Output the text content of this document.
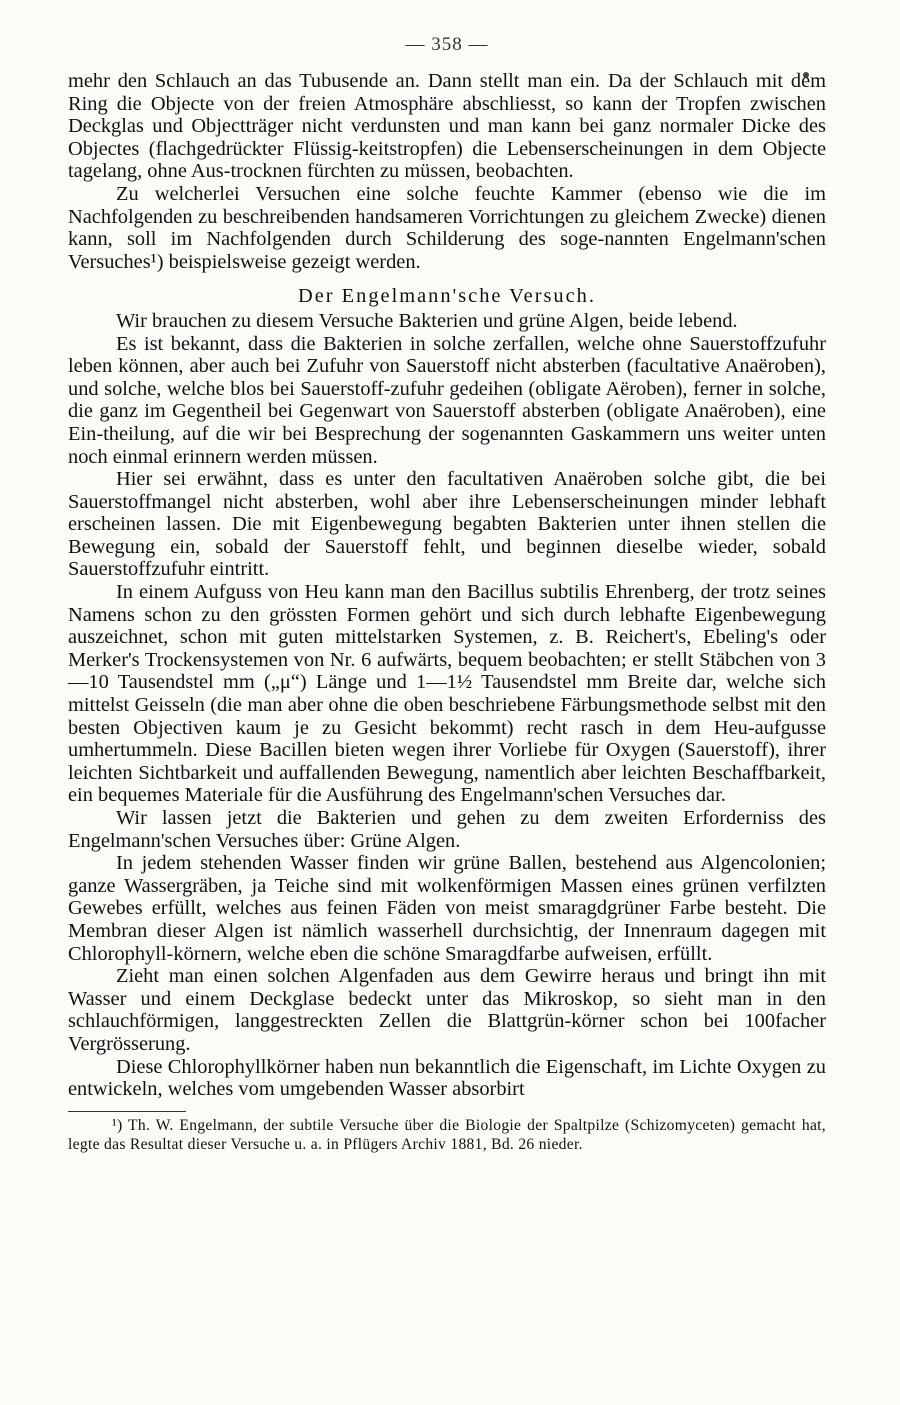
— 358 —

mehr den Schlauch an das Tubusende an. Dann stellt man ein. Da der Schlauch mit dem Ring die Objecte von der freien Atmosphäre abschliesst, so kann der Tropfen zwischen Deckglas und Objectträger nicht verdunsten und man kann bei ganz normaler Dicke des Objectes (flachgedrückter Flüssig-keitstropfen) die Lebenserscheinungen in dem Objecte tagelang, ohne Aus-trocknen fürchten zu müssen, beobachten.

Zu welcherlei Versuchen eine solche feuchte Kammer (ebenso wie die im Nachfolgenden zu beschreibenden handsameren Vorrichtungen zu gleichem Zwecke) dienen kann, soll im Nachfolgenden durch Schilderung des soge-nannten Engelmann'schen Versuches¹) beispielsweise gezeigt werden.

Der Engelmann'sche Versuch.

Wir brauchen zu diesem Versuche Bakterien und grüne Algen, beide lebend.

Es ist bekannt, dass die Bakterien in solche zerfallen, welche ohne Sauerstoffzufuhr leben können, aber auch bei Zufuhr von Sauerstoff nicht absterben (facultative Anaëroben), und solche, welche blos bei Sauerstoff-zufuhr gedeihen (obligate Aëroben), ferner in solche, die ganz im Gegentheil bei Gegenwart von Sauerstoff absterben (obligate Anaëroben), eine Ein-theilung, auf die wir bei Besprechung der sogenannten Gaskammern uns weiter unten noch einmal erinnern werden müssen.

Hier sei erwähnt, dass es unter den facultativen Anaëroben solche gibt, die bei Sauerstoffmangel nicht absterben, wohl aber ihre Lebenserscheinungen minder lebhaft erscheinen lassen. Die mit Eigenbewegung begabten Bakterien unter ihnen stellen die Bewegung ein, sobald der Sauerstoff fehlt, und beginnen dieselbe wieder, sobald Sauerstoffzufuhr eintritt.

In einem Aufguss von Heu kann man den Bacillus subtilis Ehrenberg, der trotz seines Namens schon zu den grössten Formen gehört und sich durch lebhafte Eigenbewegung auszeichnet, schon mit guten mittelstarken Systemen, z. B. Reichert's, Ebeling's oder Merker's Trockensystemen von Nr. 6 aufwärts, bequem beobachten; er stellt Stäbchen von 3—10 Tausendstel mm („μ“) Länge und 1—1½ Tausendstel mm Breite dar, welche sich mittelst Geisseln (die man aber ohne die oben beschriebene Färbungsmethode selbst mit den besten Objectiven kaum je zu Gesicht bekommt) recht rasch in dem Heu-aufgusse umhertummeln. Diese Bacillen bieten wegen ihrer Vorliebe für Oxygen (Sauerstoff), ihrer leichten Sichtbarkeit und auffallenden Bewegung, namentlich aber leichten Beschaffbarkeit, ein bequemes Materiale für die Ausführung des Engelmann'schen Versuches dar.

Wir lassen jetzt die Bakterien und gehen zu dem zweiten Erforderniss des Engelmann'schen Versuches über: Grüne Algen.

In jedem stehenden Wasser finden wir grüne Ballen, bestehend aus Algencolonien; ganze Wassergräben, ja Teiche sind mit wolkenförmigen Massen eines grünen verfilzten Gewebes erfüllt, welches aus feinen Fäden von meist smaragdgrüner Farbe besteht. Die Membran dieser Algen ist nämlich wasserhell durchsichtig, der Innenraum dagegen mit Chlorophyll-körnern, welche eben die schöne Smaragdfarbe aufweisen, erfüllt.

Zieht man einen solchen Algenfaden aus dem Gewirre heraus und bringt ihn mit Wasser und einem Deckglase bedeckt unter das Mikroskop, so sieht man in den schlauchförmigen, langgestreckten Zellen die Blattgrün-körner schon bei 100facher Vergrösserung.

Diese Chlorophyllkörner haben nun bekanntlich die Eigenschaft, im Lichte Oxygen zu entwickeln, welches vom umgebenden Wasser absorbirt

¹) Th. W. Engelmann, der subtile Versuche über die Biologie der Spaltpilze (Schizomyceten) gemacht hat, legte das Resultat dieser Versuche u. a. in Pflügers Archiv 1881, Bd. 26 nieder.
